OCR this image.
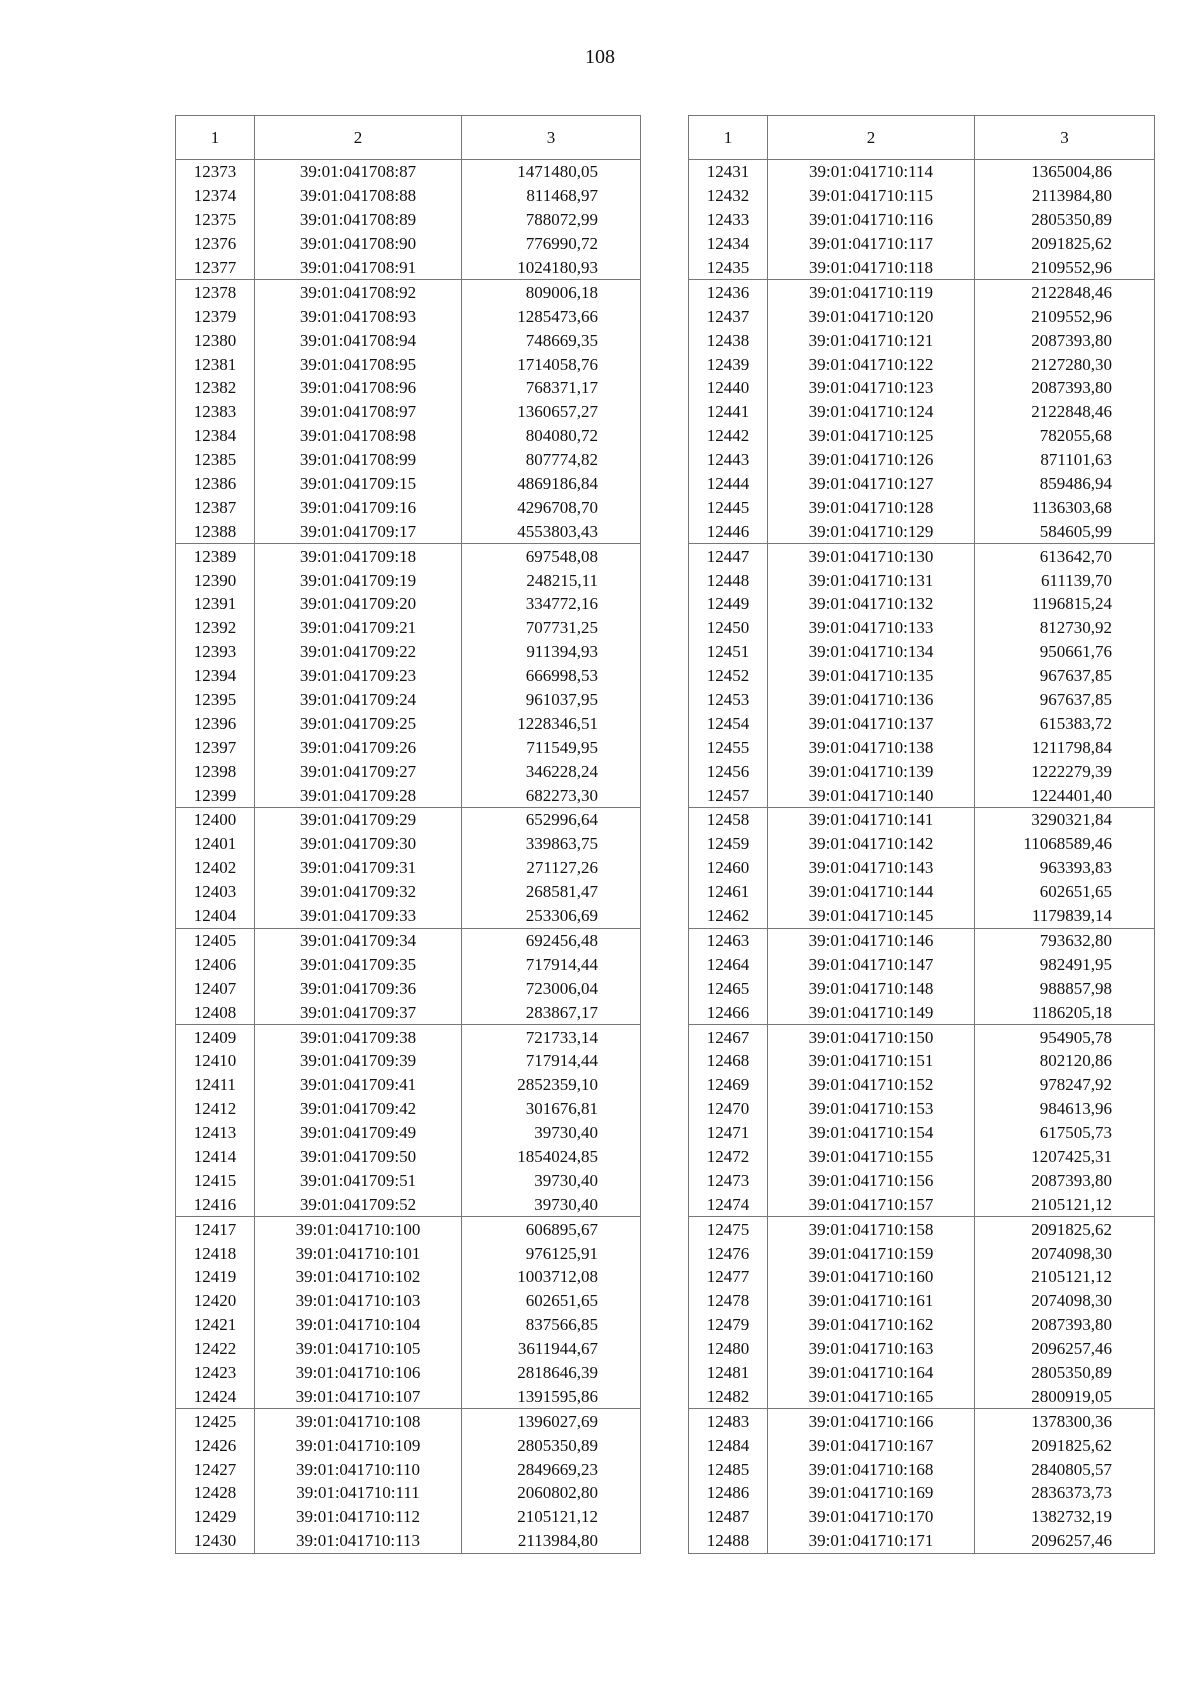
108
1	2	3
12373	39:01:041708:87	1471480,05
12374	39:01:041708:88	811468,97
12375	39:01:041708:89	788072,99
12376	39:01:041708:90	776990,72
12377	39:01:041708:91	1024180,93
12378	39:01:041708:92	809006,18
12379	39:01:041708:93	1285473,66
12380	39:01:041708:94	748669,35
12381	39:01:041708:95	1714058,76
12382	39:01:041708:96	768371,17
12383	39:01:041708:97	1360657,27
12384	39:01:041708:98	804080,72
12385	39:01:041708:99	807774,82
12386	39:01:041709:15	4869186,84
12387	39:01:041709:16	4296708,70
12388	39:01:041709:17	4553803,43
12389	39:01:041709:18	697548,08
12390	39:01:041709:19	248215,11
12391	39:01:041709:20	334772,16
12392	39:01:041709:21	707731,25
12393	39:01:041709:22	911394,93
12394	39:01:041709:23	666998,53
12395	39:01:041709:24	961037,95
12396	39:01:041709:25	1228346,51
12397	39:01:041709:26	711549,95
12398	39:01:041709:27	346228,24
12399	39:01:041709:28	682273,30
12400	39:01:041709:29	652996,64
12401	39:01:041709:30	339863,75
12402	39:01:041709:31	271127,26
12403	39:01:041709:32	268581,47
12404	39:01:041709:33	253306,69
12405	39:01:041709:34	692456,48
12406	39:01:041709:35	717914,44
12407	39:01:041709:36	723006,04
12408	39:01:041709:37	283867,17
12409	39:01:041709:38	721733,14
12410	39:01:041709:39	717914,44
12411	39:01:041709:41	2852359,10
12412	39:01:041709:42	301676,81
12413	39:01:041709:49	39730,40
12414	39:01:041709:50	1854024,85
12415	39:01:041709:51	39730,40
12416	39:01:041709:52	39730,40
12417	39:01:041710:100	606895,67
12418	39:01:041710:101	976125,91
12419	39:01:041710:102	1003712,08
12420	39:01:041710:103	602651,65
12421	39:01:041710:104	837566,85
12422	39:01:041710:105	3611944,67
12423	39:01:041710:106	2818646,39
12424	39:01:041710:107	1391595,86
12425	39:01:041710:108	1396027,69
12426	39:01:041710:109	2805350,89
12427	39:01:041710:110	2849669,23
12428	39:01:041710:111	2060802,80
12429	39:01:041710:112	2105121,12
12430	39:01:041710:113	2113984,80
1	2	3
12431	39:01:041710:114	1365004,86
12432	39:01:041710:115	2113984,80
12433	39:01:041710:116	2805350,89
12434	39:01:041710:117	2091825,62
12435	39:01:041710:118	2109552,96
12436	39:01:041710:119	2122848,46
12437	39:01:041710:120	2109552,96
12438	39:01:041710:121	2087393,80
12439	39:01:041710:122	2127280,30
12440	39:01:041710:123	2087393,80
12441	39:01:041710:124	2122848,46
12442	39:01:041710:125	782055,68
12443	39:01:041710:126	871101,63
12444	39:01:041710:127	859486,94
12445	39:01:041710:128	1136303,68
12446	39:01:041710:129	584605,99
12447	39:01:041710:130	613642,70
12448	39:01:041710:131	611139,70
12449	39:01:041710:132	1196815,24
12450	39:01:041710:133	812730,92
12451	39:01:041710:134	950661,76
12452	39:01:041710:135	967637,85
12453	39:01:041710:136	967637,85
12454	39:01:041710:137	615383,72
12455	39:01:041710:138	1211798,84
12456	39:01:041710:139	1222279,39
12457	39:01:041710:140	1224401,40
12458	39:01:041710:141	3290321,84
12459	39:01:041710:142	11068589,46
12460	39:01:041710:143	963393,83
12461	39:01:041710:144	602651,65
12462	39:01:041710:145	1179839,14
12463	39:01:041710:146	793632,80
12464	39:01:041710:147	982491,95
12465	39:01:041710:148	988857,98
12466	39:01:041710:149	1186205,18
12467	39:01:041710:150	954905,78
12468	39:01:041710:151	802120,86
12469	39:01:041710:152	978247,92
12470	39:01:041710:153	984613,96
12471	39:01:041710:154	617505,73
12472	39:01:041710:155	1207425,31
12473	39:01:041710:156	2087393,80
12474	39:01:041710:157	2105121,12
12475	39:01:041710:158	2091825,62
12476	39:01:041710:159	2074098,30
12477	39:01:041710:160	2105121,12
12478	39:01:041710:161	2074098,30
12479	39:01:041710:162	2087393,80
12480	39:01:041710:163	2096257,46
12481	39:01:041710:164	2805350,89
12482	39:01:041710:165	2800919,05
12483	39:01:041710:166	1378300,36
12484	39:01:041710:167	2091825,62
12485	39:01:041710:168	2840805,57
12486	39:01:041710:169	2836373,73
12487	39:01:041710:170	1382732,19
12488	39:01:041710:171	2096257,46
